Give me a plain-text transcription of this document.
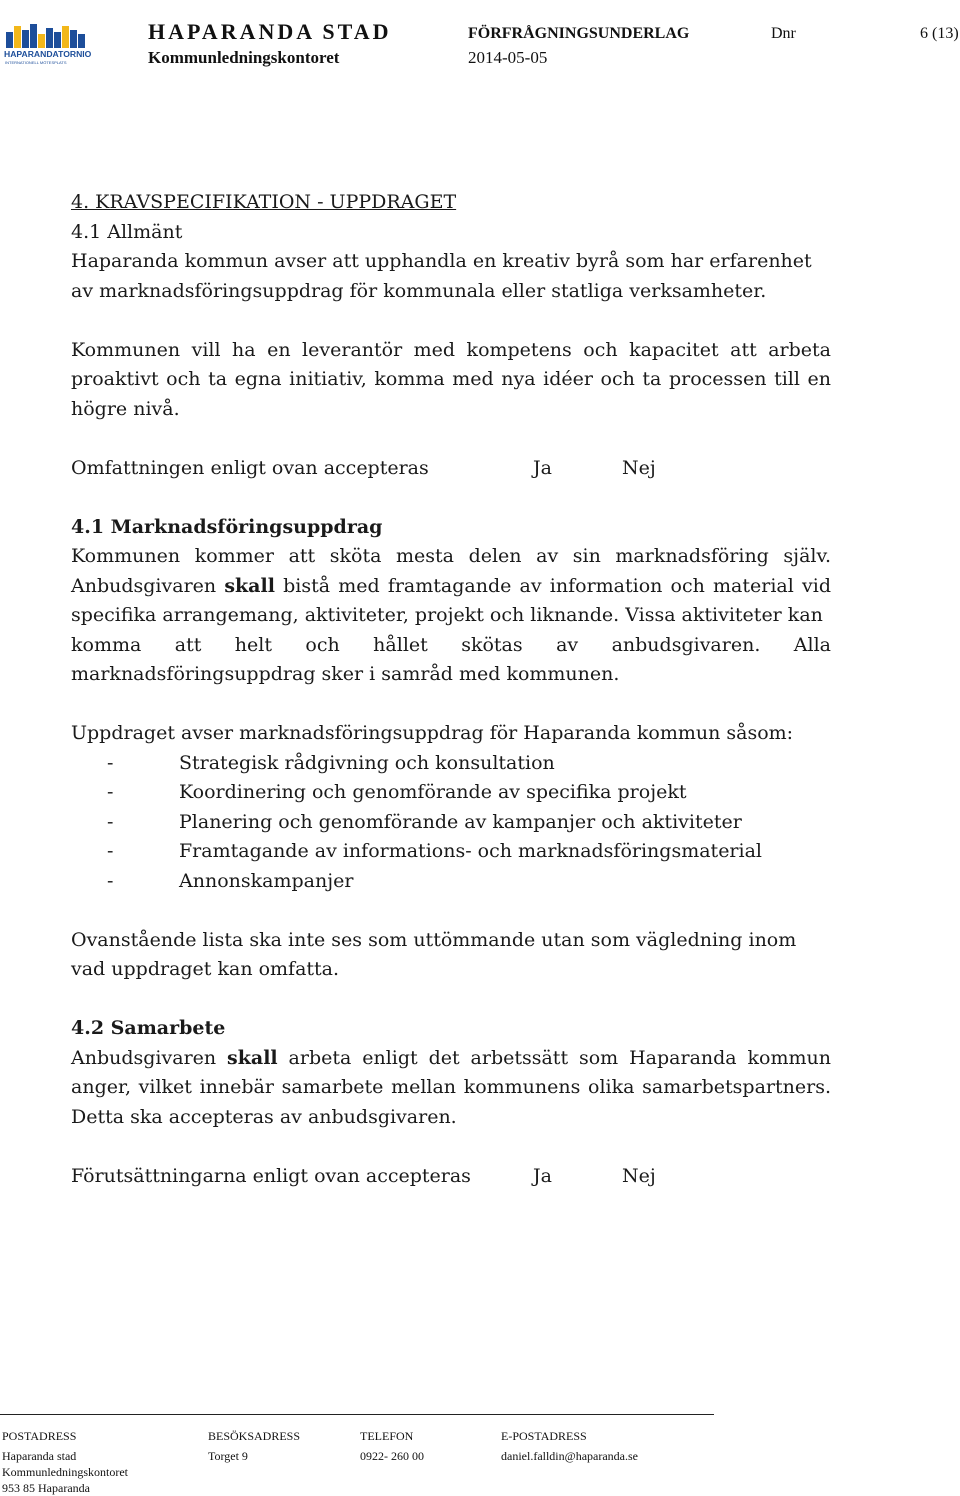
HAPARANDATORNIO
INTERNATIONELL MÖTESPLATS
HAPARANDA STAD
Kommunledningskontoret
FÖRFRÅGNINGSUNDERLAG
2014-05-05
Dnr	6 (13)

4. KRAVSPECIFIKATION - UPPDRAGET

4.1 Allmänt

Haparanda kommun avser att upphandla en kreativ byrå som har erfarenhet av marknadsföringsuppdrag för kommunala eller statliga verksamheter.

Kommunen vill ha en leverantör med kompetens och kapacitet att arbeta proaktivt och ta egna initiativ, komma med nya idéer och ta processen till en högre nivå.

Omfattningen enligt ovan accepteras	Ja	Nej

4.1 Marknadsföringsuppdrag

Kommunen kommer att sköta mesta delen av sin marknadsföring själv.

Anbudsgivaren skall bistå med framtagande av information och material vid specifika arrangemang, aktiviteter, projekt och liknande. Vissa aktiviteter kan

komma att helt och hållet skötas av anbudsgivaren. Alla

marknadsföringsuppdrag sker i samråd med kommunen.

Uppdraget avser marknadsföringsuppdrag för Haparanda kommun såsom:

-	Strategisk rådgivning och konsultation
-	Koordinering och genomförande av specifika projekt
-	Planering och genomförande av kampanjer och aktiviteter
-	Framtagande av informations- och marknadsföringsmaterial
-	Annonskampanjer

Ovanstående lista ska inte ses som uttömmande utan som vägledning inom vad uppdraget kan omfatta.

4.2 Samarbete

Anbudsgivaren skall arbeta enligt det arbetssätt som Haparanda kommun anger, vilket innebär samarbete mellan kommunens olika samarbetspartners. Detta ska accepteras av anbudsgivaren.

Förutsättningarna enligt ovan accepteras	Ja	Nej
POSTADRESS	BESÖKSADRESS	TELEFON	E-POSTADRESS
Haparanda stad	Torget 9	0922- 260 00	daniel.falldin@haparanda.se
Kommunledningskontoret
953 85 Haparanda
